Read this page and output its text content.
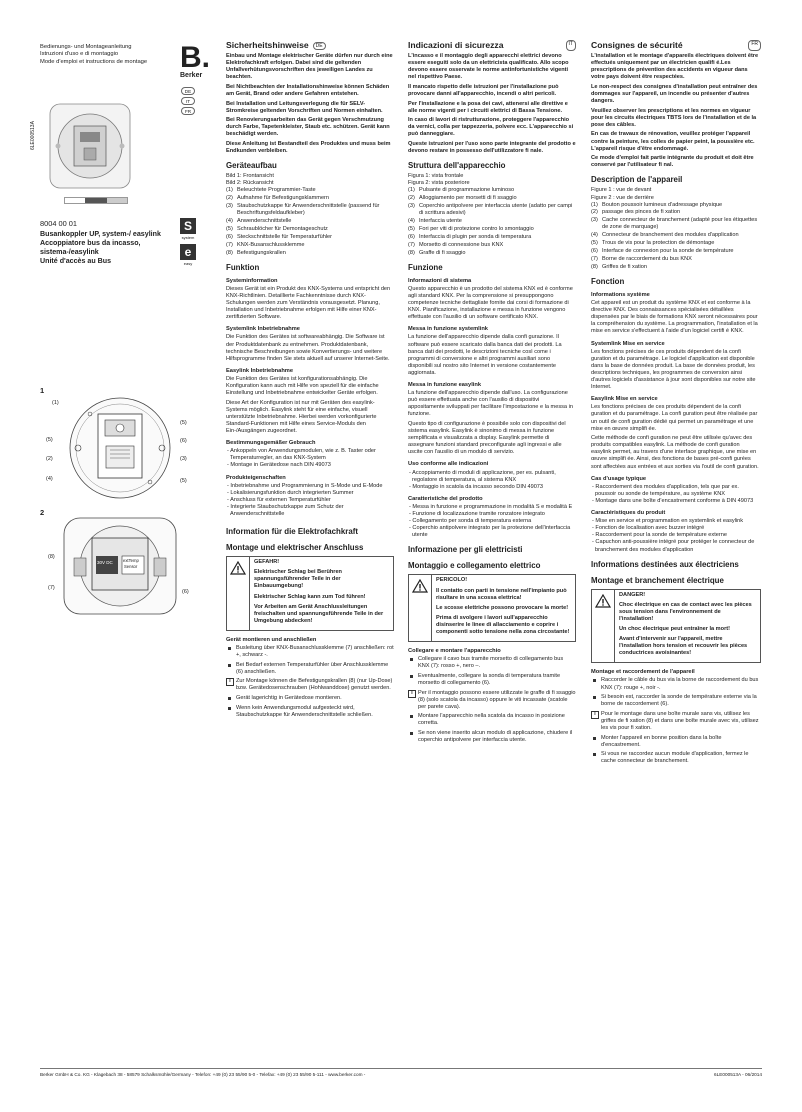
Bedienungs- und Montageanleitung
Istruzioni d'uso e di montaggio
Mode d'emploi et instructions de montage	B.
Berker
DE
IT
FR
6LE000513A
8004 00 01
Busankoppler UP, system-/ easylink
Accoppiatore bus da incasso, sistema-/easylink
Unité d'accès au Bus
S
system
e
easy
1
(1)
(5)
(2)
(4)
(5)
(6)
(3)
(5)
2
30V DC extTemp
Sensor
(8)
(7)
(6)
Sicherheitshinweise DE

Einbau und Montage elektrischer Geräte dürfen nur durch eine Elektrofachkraft erfolgen. Dabei sind die geltenden Unfallverhütungsvorschriften des jeweiligen Landes zu beachten.

Bei Nichtbeachten der Installationshinweise können Schäden am Gerät, Brand oder andere Gefahren entstehen.

Bei Installation und Leitungsverlegung die für SELV-Stromkreise geltenden Vorschriften und Normen einhalten.

Bei Renovierungsarbeiten das Gerät gegen Verschmutzung durch Farbe, Tapetenkleister, Staub etc. schützen. Gerät kann beschädigt werden.

Diese Anleitung ist Bestandteil des Produktes und muss beim Endkunden verbleiben.

Geräteaufbau
Bild 1: Frontansicht
Bild 2: Rückansicht
(1) Beleuchtete Programmier-Taste
(2) Aufnahme für Befestigungsklammern
(3) Staubschutzkappe für Anwenderschnittstelle (passend für Beschriftungsfeldaufkleber)
(4) Anwenderschnittstelle
(5) Schraublöcher für Demontageschutz
(6) Steckschnittstelle für Temperaturfühler
(7) KNX-Busanschlussklemme
(8) Befestigungskrallen
Funktion
Systeminformation

Dieses Gerät ist ein Produkt des KNX-Systems und entspricht den KNX-Richtlinien. Detaillierte Fachkenntnisse durch KNX-Schulungen werden zum Verständnis vorausgesetzt. Planung, Installation und Inbetriebnahme erfolgen mit Hilfe einer KNX-zertifizierten Software.

Systemlink Inbetriebnahme

Die Funktion des Gerätes ist softwareabhängig. Die Software ist der Produktdatenbank zu entnehmen. Produktdatenbank, technische Beschreibungen sowie Konvertierungs- und weitere Hilfsprogramme finden Sie stets aktuell auf unserer Internet-Seite.

Easylink Inbetriebnahme

Die Funktion des Gerätes ist konfigurationsabhängig. Die Konfiguration kann auch mit Hilfe von speziell für die einfache Einstellung und Inbetriebnahme entwickelter Geräte erfolgen.

Diese Art der Konfiguration ist nur mit Geräten des easylink-Systems möglich. Easylink steht für eine einfache, visuell unterstützte Inbetriebnahme. Hierbei werden vorkonfigurierte Standard-Funktionen mit Hilfe eines Service-Moduls den Ein-/Ausgängen zugeordnet.

Bestimmungsgemäßer Gebrauch
- Ankoppeln von Anwendungsmodulen, wie z. B. Taster oder Temperaturregler, an das KNX-System
- Montage in Gerätedose nach DIN 49073
Produkteigenschaften
- Inbetriebnahme und Programmierung in S-Mode und E-Mode
- Lokalisierungsfunktion durch integrierten Summer
- Anschluss für externen Temperaturfühler
- Integrierte Staubschutzkappe zum Schutz der Anwenderschnittstelle
Information für die Elektrofachkraft
Montage und elektrischer Anschluss

GEFAHR!

Elektrischer Schlag bei Berühren spannungsführender Teile in der Einbauumgebung!

Elektrischer Schlag kann zum Tod führen!

Vor Arbeiten am Gerät Anschlussleitungen freischalten und spannungsführende Teile in der Umgebung abdecken!

Gerät montieren und anschließen
Busleitung über KNX-Busanschlussklemme (7) anschließen: rot +, schwarz -.
Bei Bedarf externen Temperaturfühler über Anschlussklemme (6) anschließen.
i Zur Montage können die Befestigungskrallen (8) (nur Up-Dose) bzw. Gerätedosenschrauben (Hohlwanddose) genutzt werden.
Gerät lagerichtig in Gerätedose montieren.
Wenn kein Anwendungsmodul aufgesteckt wird, Staubschutzkappe für Anwenderschnittstelle schließen.
Indicazioni di sicurezza	IT

L'incasso e il montaggio degli apparecchi elettrici devono essere eseguiti solo da un elettricista qualificato. Allo scopo devono essere osservate le norme antinfortunistiche vigenti nel rispettivo Paese.

Il mancato rispetto delle istruzioni per l'installazione può provocare danni all'apparecchio, incendi o altri pericoli.

Per l'installazione e la posa dei cavi, attenersi alle direttive e alle norme vigenti per i circuiti elettrici di Bassa Tensione.

In caso di lavori di ristrutturazione, proteggere l'apparecchio da vernici, colla per tappezzeria, polvere ecc. L'apparecchio si può danneggiare.

Queste istruzioni per l'uso sono parte integrante del prodotto e devono restare in possesso dell'utilizzatore fi nale.

Struttura dell'apparecchio
Figura 1: vista frontale
Figura 2: vista posteriore
(1) Pulsante di programmazione luminoso
(2) Alloggiamento per morsetti di fi ssaggio
(3) Coperchio antipolvere per interfaccia utente (adatto per campi di scrittura adesivi)
(4) Interfaccia utente
(5) Fori per viti di protezione contro lo smontaggio
(6) Interfaccia di plugin per sonda di temperatura
(7) Morsetto di connessione bus KNX
(8) Graffe di fi ssaggio
Funzione
Informazioni di sistema

Questo apparecchio è un prodotto del sistema KNX ed è conforme agli standard KNX. Per la comprensione si presuppongono competenze tecniche dettagliate fornite dai corsi di formazione di KNX. Pianificazione, installazione e messa in funzione vengono effettuate con l'ausilio di un software certificato KNX.

Messa in funzione systemlink

La funzione dell'apparecchio dipende dalla confi gurazione. Il software può essere scaricato dalla banca dati dei prodotti. La banca dati dei prodotti, le descrizioni tecniche così come i programmi di conversione e altri programmi ausiliari sono disponibili sul nostro sito Internet in versione costantemente aggiornata.

Messa in funzione easylink

La funzione dell'apparecchio dipende dall'uso. La configurazione può essere effettuata anche con l'ausilio di dispositivi appositamente sviluppati per facilitare l'impostazione e la messa in funzione.

Questo tipo di configurazione è possibile solo con dispositivi del sistema easylink. Easylink è sinonimo di messa in funzione semplificata e visualizzata a display. Easylink permette di assegnare funzioni standard preconfigurate agli ingressi e alle uscite con l'ausilio di un modulo di servizio.

Uso conforme alle indicazioni
- Accoppiamento di moduli di applicazione, per es. pulsanti, regolatore di temperatura, al sistema KNX
- Montaggio in scatola da incasso secondo DIN 49073
Caratteristiche del prodotto
- Messa in funzione e programmazione in modalità S e modalità E
- Funzione di localizzazione tramite ronzatore integrato
- Collegamento per sonda di temperatura esterna
- Coperchio antipolvere integrato per la protezione dell'interfaccia utente
Informazione per gli elettricisti
Montaggio e collegamento elettrico

PERICOLO!

Il contatto con parti in tensione nell'impianto può risultare in una scossa elettrica!

Le scosse elettriche possono provocare la morte!

Prima di svolgere i lavori sull'apparecchio disinserire le linee di allacciamento e coprire i componenti sotto tensione nella zona circostante!

Collegare e montare l'apparecchio
Collegare il cavo bus tramite morsetto di collegamento bus KNX (7): rosso +, nero –.
Eventualmente, collegare la sonda di temperatura tramite morsetto di collegamento (6).
i Per il montaggio possono essere utilizzate le graffe di fi ssaggio (8) (solo scatola da incasso) oppure le viti incassate (scatole per parete cava).
Montare l'apparecchio nella scatola da incasso in posizione corretta.
Se non viene inserito alcun modulo di applicazione, chiudere il coperchio antipolvere per interfaccia utente.
Consignes de sécurité	FR

L'installation et le montage d'appareils électriques doivent être effectués uniquement par un électricien qualifi é.Les prescriptions de prévention des accidents en vigueur dans votre pays doivent être respectées.

Le non-respect des consignes d'installation peut entraîner des dommages sur l'appareil, un incendie ou présenter d'autres dangers.

Veuillez observer les prescriptions et les normes en vigueur pour les circuits électriques TBTS lors de l'installation et de la pose des câbles.

En cas de travaux de rénovation, veuillez protéger l'appareil contre la peinture, les colles de papier peint, la poussière etc. L'appareil risque d'être endommagé.

Ce mode d'emploi fait partie intégrante du produit et doit être conservé par l'utilisateur fi nal.

Description de l'appareil
Figure 1 : vue de devant
Figure 2 : vue de derrière
(1) Bouton poussoir lumineux d'adressage physique
(2) passage des pinces de fi xation
(3) Cache connecteur de branchement (adapté pour les étiquettes de zone de marquage)
(4) Connecteur de branchement des modules d'application
(5) Trous de vis pour la protection de démontage
(6) Interface de connexion pour la sonde de température
(7) Borne de raccordement du bus KNX
(8) Griffes de fi xation
Fonction
Informations système

Cet appareil est un produit du système KNX et est conforme à la directive KNX. Des connaissances spécialisées détaillées dispensées par le biais de formations KNX seront nécessaires pour la compréhension du système. La programmation, l'installation et la mise en service s'effectuent à l'aide d'un logiciel certifi é KNX.

Systemlink Mise en service

Les fonctions précises de ces produits dépendent de la confi guration et du paramétrage. Le logiciel d'application est disponible dans la base de données produit. La base de données produit, les descriptions techniques, les programmes de conversion ainsi d'autres logiciels d'assistance à jour sont disponibles sur notre site Internet.

Easylink Mise en service

Les fonctions précises de ces produits dépendent de la confi guration et du paramétrage. La confi guration peut être réalisée par un outil de confi guration dédié qui permet un paramétrage et une mise en œuvre simplifi ée.

Cette méthode de confi guration ne peut être utilisée qu'avec des produits compatibles easylink. La méthode de confi guration easylink permet, au travers d'une interface graphique, une mise en œuvre simplifi ée. Ainsi, des fonctions de bases pré-confi gurées sont affectées aux entrées et aux sorties via l'outil de confi guration.

Cas d'usage typique
- Raccordement des modules d'application, tels que par ex. poussoir ou sonde de température, au système KNX
- Montage dans une boîte d'encastrement conforme à DIN 49073
Caractéristiques du produit
- Mise en service et programmation en systemlink et easylink
- Fonction de localisation avec buzzer intégré
- Raccordement pour la sonde de température externe
- Capuchon anti-poussière intégré pour protéger le connecteur de branchement des modules d'application
Informations destinées aux électriciens
Montage et branchement électrique

DANGER!

Choc électrique en cas de contact avec les pièces sous tension dans l'environnement de l'installation!

Un choc électrique peut entraîner la mort!

Avant d'intervenir sur l'appareil, mettre l'installation hors tension et recouvrir les pièces conductrices avoisinantes!

Montage et raccordement de l'appareil
Raccorder le câble du bus via la borne de raccordement du bus KNX (7): rouge +, noir -.
Si besoin est, raccorder la sonde de température externe via la borne de raccordement (6).
i Pour le montage dans une boîte murale sans vis, utilisez les griffes de fi xation (8) et dans une boîte murale avec vis, utilisez les vis pour fi xation.
Monter l'appareil en bonne position dans la boîte d'encastrement.
Si vous ne raccordez aucun module d'application, fermez le cache connecteur de branchement.
Berker GmbH & Co. KG - Klagebach 38 - 58579 Schalksmühle/Germany - Telefon: +49 (0) 23 55/90 5-0 - Telefax: +49 (0) 23 55/90 5-111 - www.berker.com -	6LE000513A - 06/2014
